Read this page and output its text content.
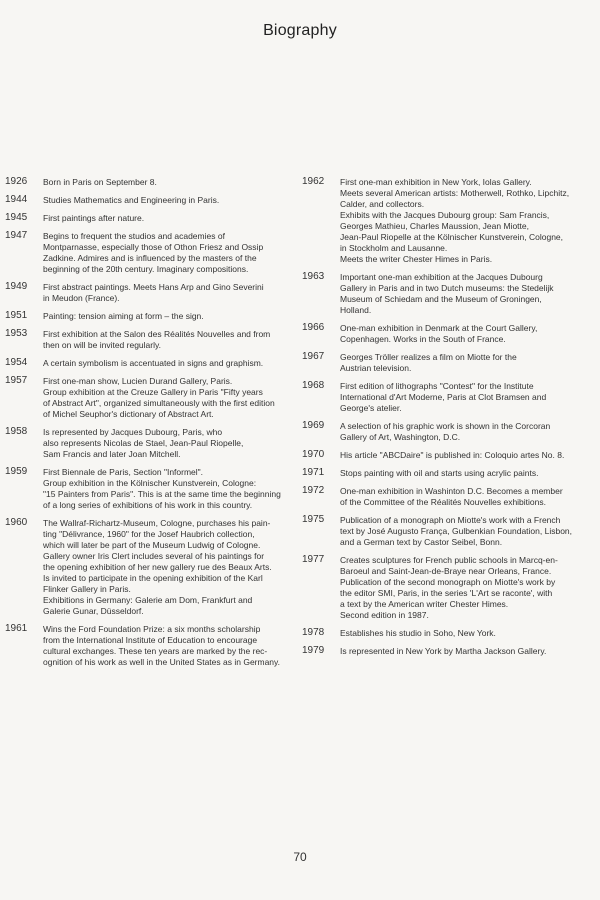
Biography
1926	Born in Paris on September 8.
1944	Studies Mathematics and Engineering in Paris.
1945	First paintings after nature.
1947	Begins to frequent the studios and academies of
Montparnasse, especially those of Othon Friesz and Ossip
Zadkine. Admires and is influenced by the masters of the
beginning of the 20th century. Imaginary compositions.
1949	First abstract paintings. Meets Hans Arp and Gino Severini
in Meudon (France).
1951	Painting: tension aiming at form – the sign.
1953	First exhibition at the Salon des Réalités Nouvelles and from
then on will be invited regularly.
1954	A certain symbolism is accentuated in signs and graphism.
1957	First one-man show, Lucien Durand Gallery, Paris.
Group exhibition at the Creuze Gallery in Paris "Fifty years
of Abstract Art", organized simultaneously with the first edition
of Michel Seuphor's dictionary of Abstract Art.
1958	Is represented by Jacques Dubourg, Paris, who
also represents Nicolas de Stael, Jean-Paul Riopelle,
Sam Francis and later Joan Mitchell.
1959	First Biennale de Paris, Section "Informel".
Group exhibition in the Kölnischer Kunstverein, Cologne:
"15 Painters from Paris". This is at the same time the beginning
of a long series of exhibitions of his work in this country.
1960	The Wallraf-Richartz-Museum, Cologne, purchases his pain-
ting "Délivrance, 1960" for the Josef Haubrich collection,
which will later be part of the Museum Ludwig of Cologne.
Gallery owner Iris Clert includes several of his paintings for
the opening exhibition of her new gallery rue des Beaux Arts.
Is invited to participate in the opening exhibition of the Karl
Flinker Gallery in Paris.
Exhibitions in Germany: Galerie am Dom, Frankfurt and
Galerie Gunar, Düsseldorf.
1961	Wins the Ford Foundation Prize: a six months scholarship
from the International Institute of Education to encourage
cultural exchanges. These ten years are marked by the rec-
ognition of his work as well in the United States as in Germany.
1962	First one-man exhibition in New York, Iolas Gallery.
Meets several American artists: Motherwell, Rothko, Lipchitz,
Calder, and collectors.
Exhibits with the Jacques Dubourg group: Sam Francis,
Georges Mathieu, Charles Maussion, Jean Miotte,
Jean-Paul Riopelle at the Kölnischer Kunstverein, Cologne,
in Stockholm and Lausanne.
Meets the writer Chester Himes in Paris.
1963	Important one-man exhibition at the Jacques Dubourg
Gallery in Paris and in two Dutch museums: the Stedelijk
Museum of Schiedam and the Museum of Groningen,
Holland.
1966	One-man exhibition in Denmark at the Court Gallery,
Copenhagen. Works in the South of France.
1967	Georges Tröller realizes a film on Miotte for the
Austrian television.
1968	First edition of lithographs "Contest" for the Institute
International d'Art Moderne, Paris at Clot Bramsen and
George's atelier.
1969	A selection of his graphic work is shown in the Corcoran
Gallery of Art, Washington, D.C.
1970	His article "ABCDaire" is published in: Coloquio artes No. 8.
1971	Stops painting with oil and starts using acrylic paints.
1972	One-man exhibition in Washinton D.C. Becomes a member
of the Committee of the Réalités Nouvelles exhibitions.
1975	Publication of a monograph on Miotte's work with a French
text by José Augusto França, Gulbenkian Foundation, Lisbon,
and a German text by Castor Seibel, Bonn.
1977	Creates sculptures for French public schools in Marcq-en-
Baroeul and Saint-Jean-de-Braye near Orleans, France.
Publication of the second monograph on Miotte's work by
the editor SMI, Paris, in the series 'L'Art se raconte', with
a text by the American writer Chester Himes.
Second edition in 1987.
1978	Establishes his studio in Soho, New York.
1979	Is represented in New York by Martha Jackson Gallery.
70
